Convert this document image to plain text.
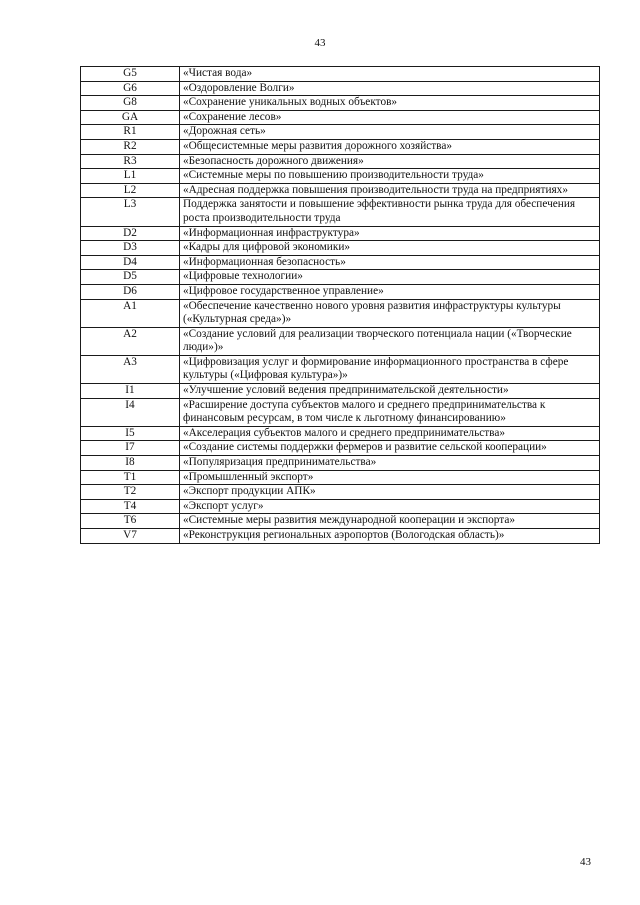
43
G5	«Чистая вода»
G6	«Оздоровление Волги»
G8	«Сохранение уникальных водных объектов»
GA	«Сохранение лесов»
R1	«Дорожная сеть»
R2	«Общесистемные меры развития дорожного хозяйства»
R3	«Безопасность дорожного движения»
L1	«Системные меры по повышению производительности труда»
L2	«Адресная поддержка повышения производительности труда на предприятиях»
L3	Поддержка занятости и повышение эффективности рынка труда для обеспечения роста производительности труда
D2	«Информационная инфраструктура»
D3	«Кадры для цифровой экономики»
D4	«Информационная безопасность»
D5	«Цифровые технологии»
D6	«Цифровое государственное управление»
A1	«Обеспечение качественно нового уровня развития инфраструктуры культуры («Культурная среда»)»
A2	«Создание условий для реализации творческого потенциала нации («Творческие люди»)»
A3	«Цифровизация услуг и формирование информационного пространства в сфере культуры («Цифровая культура»)»
I1	«Улучшение условий ведения предпринимательской деятельности»
I4	«Расширение доступа субъектов малого и среднего предпринимательства к финансовым ресурсам, в том числе к льготному финансированию»
I5	«Акселерация субъектов малого и среднего предпринимательства»
I7	«Создание системы поддержки фермеров и развитие сельской кооперации»
I8	«Популяризация предпринимательства»
T1	«Промышленный экспорт»
T2	«Экспорт продукции АПК»
T4	«Экспорт услуг»
T6	«Системные меры развития международной кооперации и экспорта»
V7	«Реконструкция региональных аэропортов (Вологодская область)»
43
